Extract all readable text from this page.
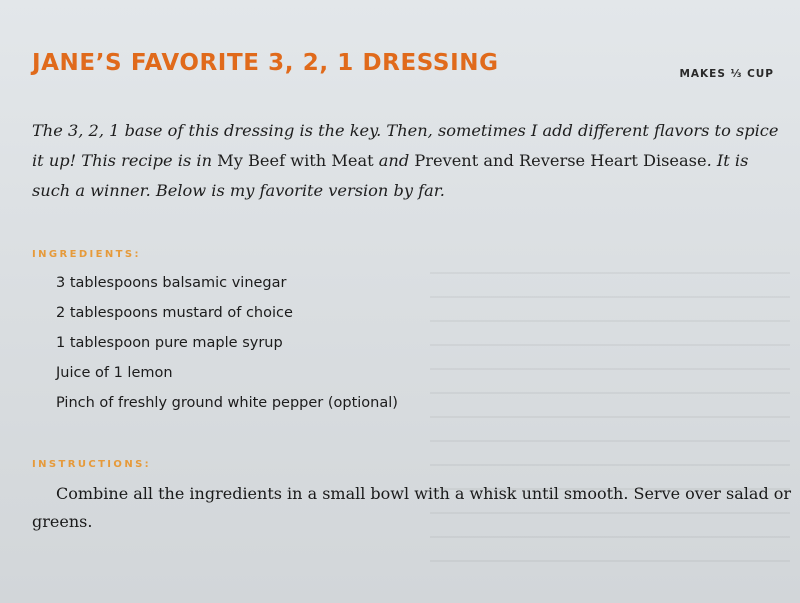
JANE’S FAVORITE 3, 2, 1 DRESSING	MAKES ⅓ CUP

The 3, 2, 1 base of this dressing is the key. Then, sometimes I add different flavors to spice it up! This recipe is in My Beef with Meat and Prevent and Reverse Heart Disease. It is such a winner. Below is my favorite version by far.

INGREDIENTS:
3 tablespoons balsamic vinegar
2 tablespoons mustard of choice
1 tablespoon pure maple syrup
Juice of 1 lemon
Pinch of freshly ground white pepper (optional)
INSTRUCTIONS:

Combine all the ingredients in a small bowl with a whisk until smooth. Serve over salad or greens.
